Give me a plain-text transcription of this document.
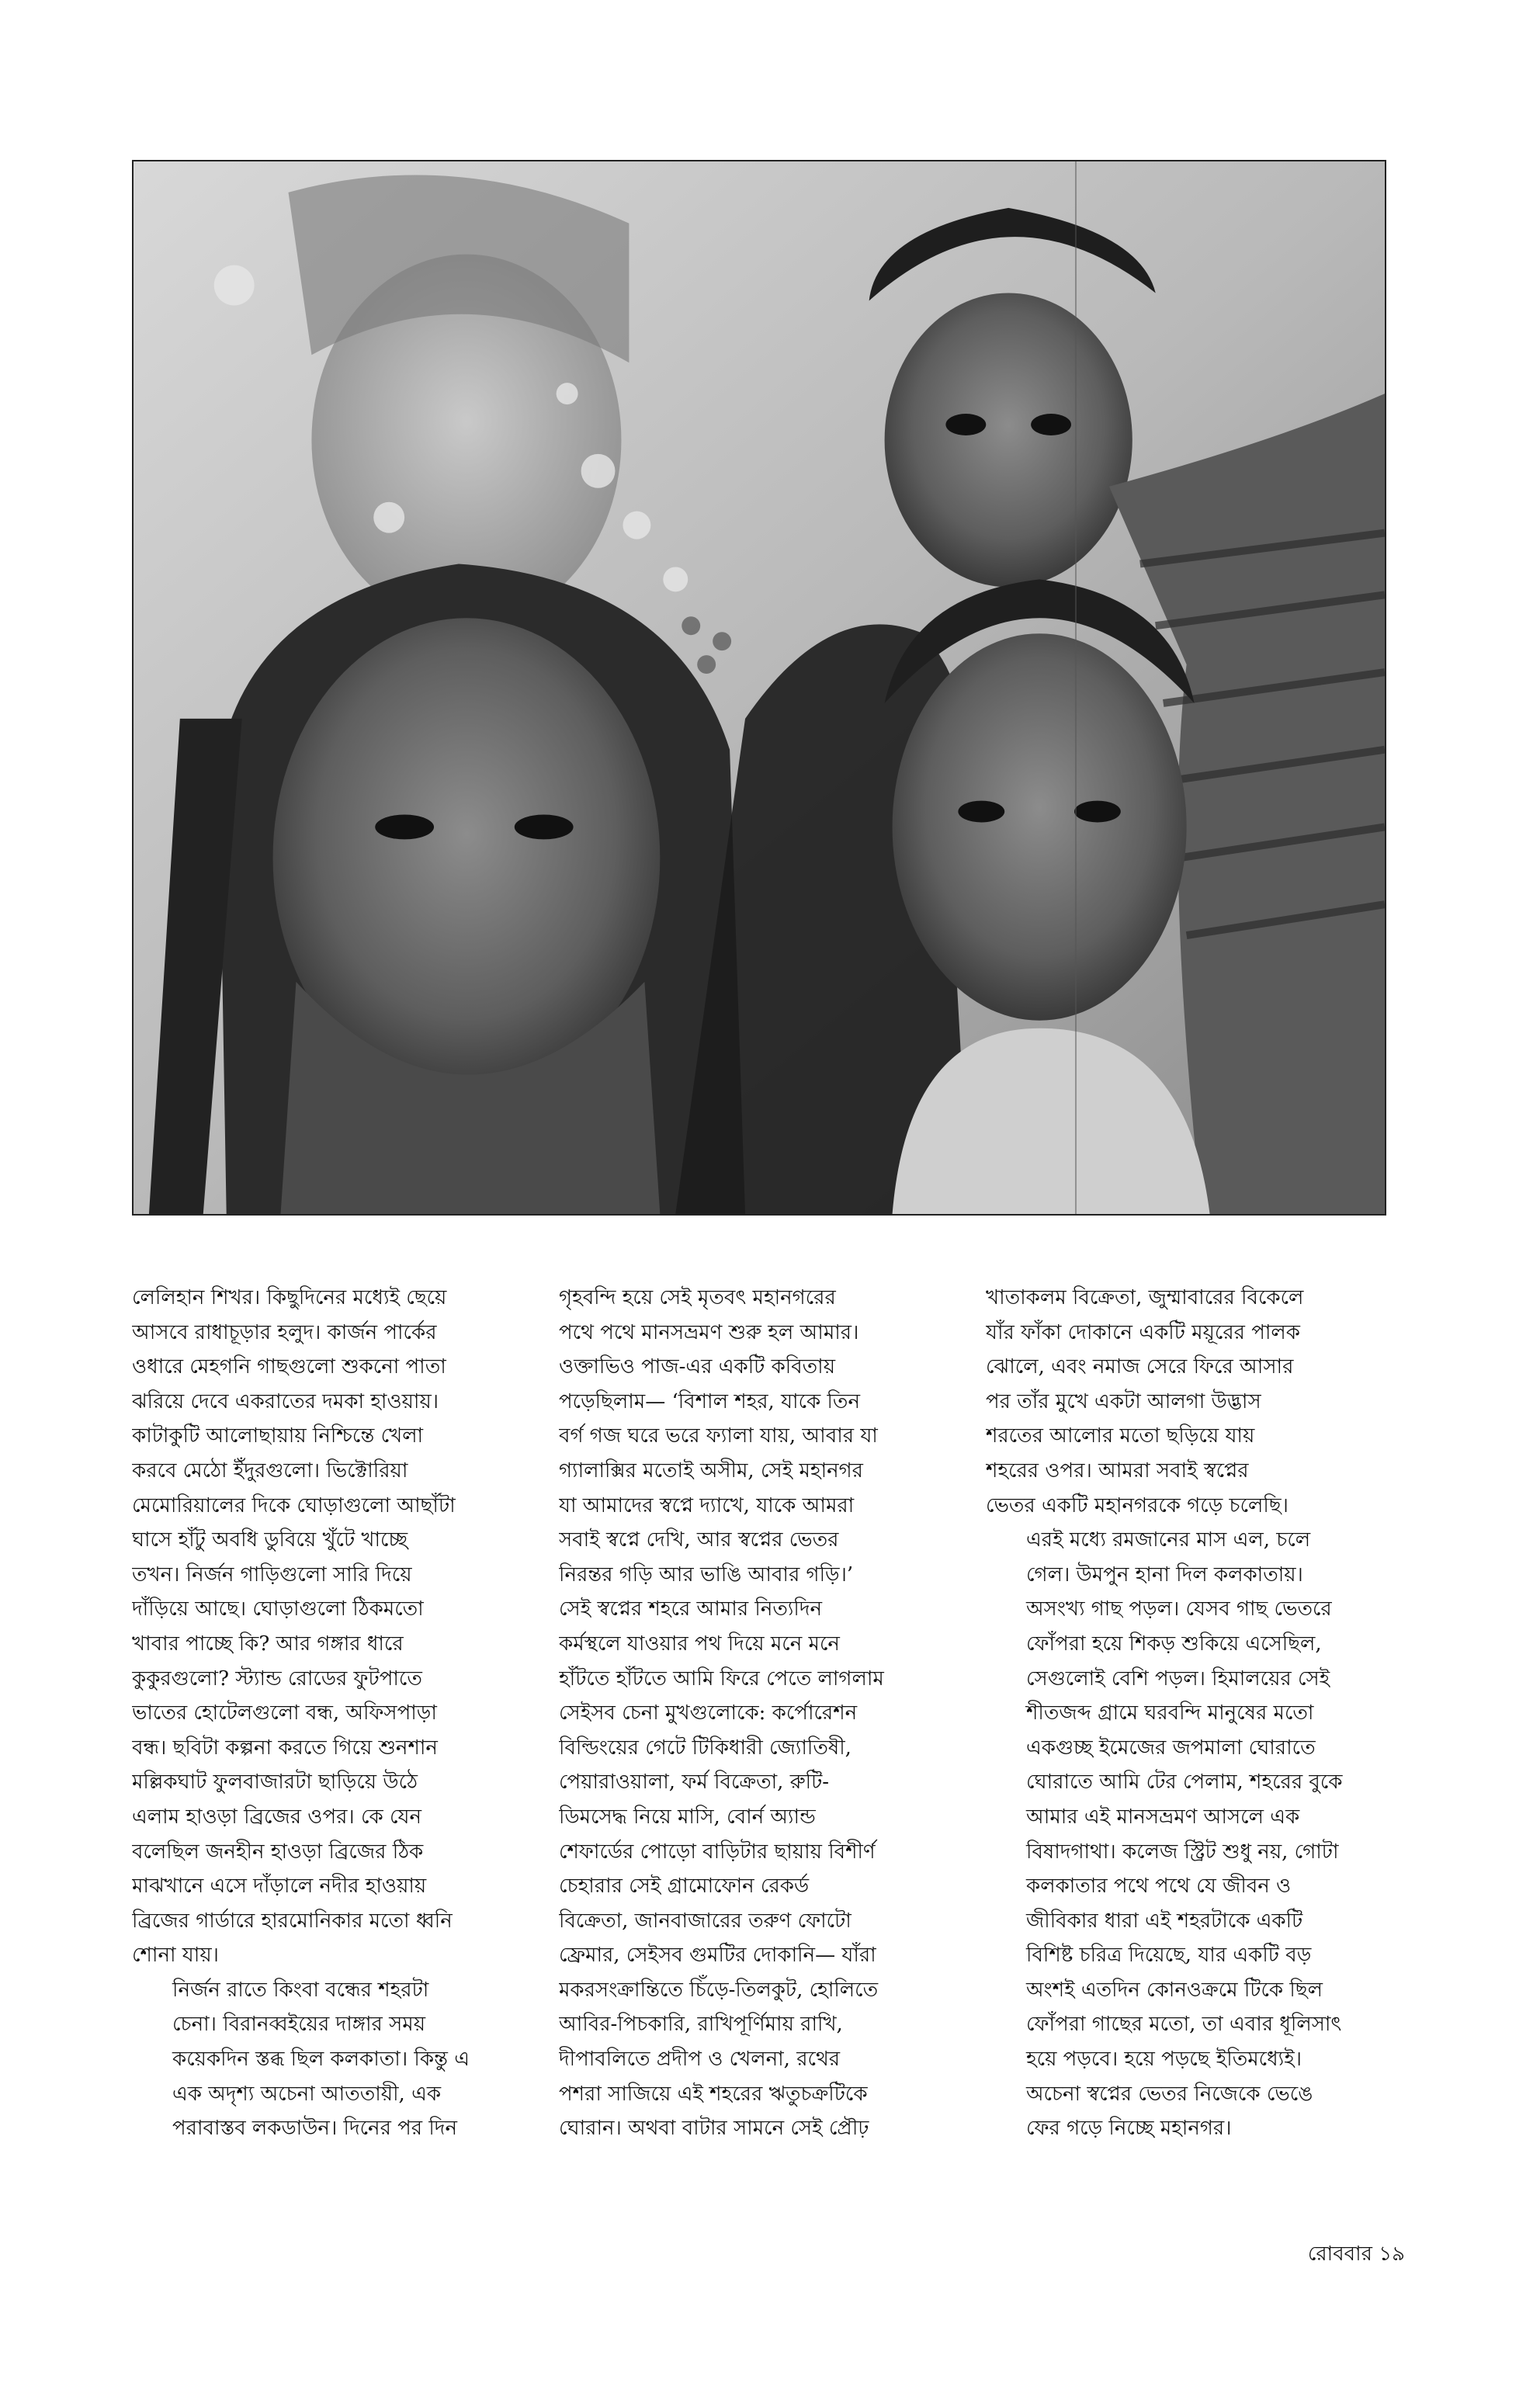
লেলিহান শিখর। কিছুদিনের মধ্যেই ছেয়ে
আসবে রাধাচূড়ার হলুদ। কার্জন পার্কের
ওধারে মেহগনি গাছগুলো শুকনো পাতা
ঝরিয়ে দেবে একরাতের দমকা হাওয়ায়।
কাটাকুটি আলোছায়ায় নিশ্চিন্তে খেলা
করবে মেঠো ইঁদুরগুলো। ভিক্টোরিয়া
মেমোরিয়ালের দিকে ঘোড়াগুলো আছাঁটা
ঘাসে হাঁটু অবধি ডুবিয়ে খুঁটে খাচ্ছে
তখন। নির্জন গাড়িগুলো সারি দিয়ে
দাঁড়িয়ে আছে। ঘোড়াগুলো ঠিকমতো
খাবার পাচ্ছে কি? আর গঙ্গার ধারে
কুকুরগুলো? স্ট্যান্ড রোডের ফুটপাতে
ভাতের হোটেলগুলো বন্ধ, অফিসপাড়া
বন্ধ। ছবিটা কল্পনা করতে গিয়ে শুনশান
মল্লিকঘাট ফুলবাজারটা ছাড়িয়ে উঠে
এলাম হাওড়া ব্রিজের ওপর। কে যেন
বলেছিল জনহীন হাওড়া ব্রিজের ঠিক
মাঝখানে এসে দাঁড়ালে নদীর হাওয়ায়
ব্রিজের গার্ডারে হারমোনিকার মতো ধ্বনি
শোনা যায়।

নির্জন রাতে কিংবা বন্ধের শহরটা
চেনা। বিরানব্বইয়ের দাঙ্গার সময়
কয়েকদিন স্তব্ধ ছিল কলকাতা। কিন্তু এ
এক অদৃশ্য অচেনা আততায়ী, এক
পরাবাস্তব লকডাউন। দিনের পর দিন

গৃহবন্দি হয়ে সেই মৃতবৎ মহানগরের
পথে পথে মানসভ্রমণ শুরু হল আমার।
ওক্তাভিও পাজ-এর একটি কবিতায়
পড়েছিলাম— ‘বিশাল শহর, যাকে তিন
বর্গ গজ ঘরে ভরে ফ্যালা যায়, আবার যা
গ্যালাক্সির মতোই অসীম, সেই মহানগর
যা আমাদের স্বপ্নে দ্যাখে, যাকে আমরা
সবাই স্বপ্নে দেখি, আর স্বপ্নের ভেতর
নিরন্তর গড়ি আর ভাঙি আবার গড়ি।’
সেই স্বপ্নের শহরে আমার নিত্যদিন
কর্মস্থলে যাওয়ার পথ দিয়ে মনে মনে
হাঁটতে হাঁটতে আমি ফিরে পেতে লাগলাম
সেইসব চেনা মুখগুলোকে: কর্পোরেশন
বিল্ডিংয়ের গেটে টিকিধারী জ্যোতিষী,
পেয়ারাওয়ালা, ফর্ম বিক্রেতা, রুটি-
ডিমসেদ্ধ নিয়ে মাসি, বোর্ন অ্যান্ড
শেফার্ডের পোড়ো বাড়িটার ছায়ায় বিশীর্ণ
চেহারার সেই গ্রামোফোন রেকর্ড
বিক্রেতা, জানবাজারের তরুণ ফোটো
ফ্রেমার, সেইসব গুমটির দোকানি— যাঁরা
মকরসংক্রান্তিতে চিঁড়ে-তিলকুট, হোলিতে
আবির-পিচকারি, রাখিপূর্ণিমায় রাখি,
দীপাবলিতে প্রদীপ ও খেলনা, রথের
পশরা সাজিয়ে এই শহরের ঋতুচক্রটিকে
ঘোরান। অথবা বাটার সামনে সেই প্রৌঢ়

খাতাকলম বিক্রেতা, জুম্মাবারের বিকেলে
যাঁর ফাঁকা দোকানে একটি ময়ূরের পালক
ঝোলে, এবং নমাজ সেরে ফিরে আসার
পর তাঁর মুখে একটা আলগা উদ্ভাস
শরতের আলোর মতো ছড়িয়ে যায়
শহরের ওপর। আমরা সবাই স্বপ্নের
ভেতর একটি মহানগরকে গড়ে চলেছি।

এরই মধ্যে রমজানের মাস এল, চলে
গেল। উমপুন হানা দিল কলকাতায়।
অসংখ্য গাছ পড়ল। যেসব গাছ ভেতরে
ফোঁপরা হয়ে শিকড় শুকিয়ে এসেছিল,
সেগুলোই বেশি পড়ল। হিমালয়ের সেই
শীতজব্দ গ্রামে ঘরবন্দি মানুষের মতো
একগুচ্ছ ইমেজের জপমালা ঘোরাতে
ঘোরাতে আমি টের পেলাম, শহরের বুকে
আমার এই মানসভ্রমণ আসলে এক
বিষাদগাথা। কলেজ স্ট্রিট শুধু নয়, গোটা
কলকাতার পথে পথে যে জীবন ও
জীবিকার ধারা এই শহরটাকে একটি
বিশিষ্ট চরিত্র দিয়েছে, যার একটি বড়
অংশই এতদিন কোনওক্রমে টিকে ছিল
ফোঁপরা গাছের মতো, তা এবার ধূলিসাৎ
হয়ে পড়বে। হয়ে পড়ছে ইতিমধ্যেই।
অচেনা স্বপ্নের ভেতর নিজেকে ভেঙে
ফের গড়ে নিচ্ছে মহানগর।

রোববার ১৯
